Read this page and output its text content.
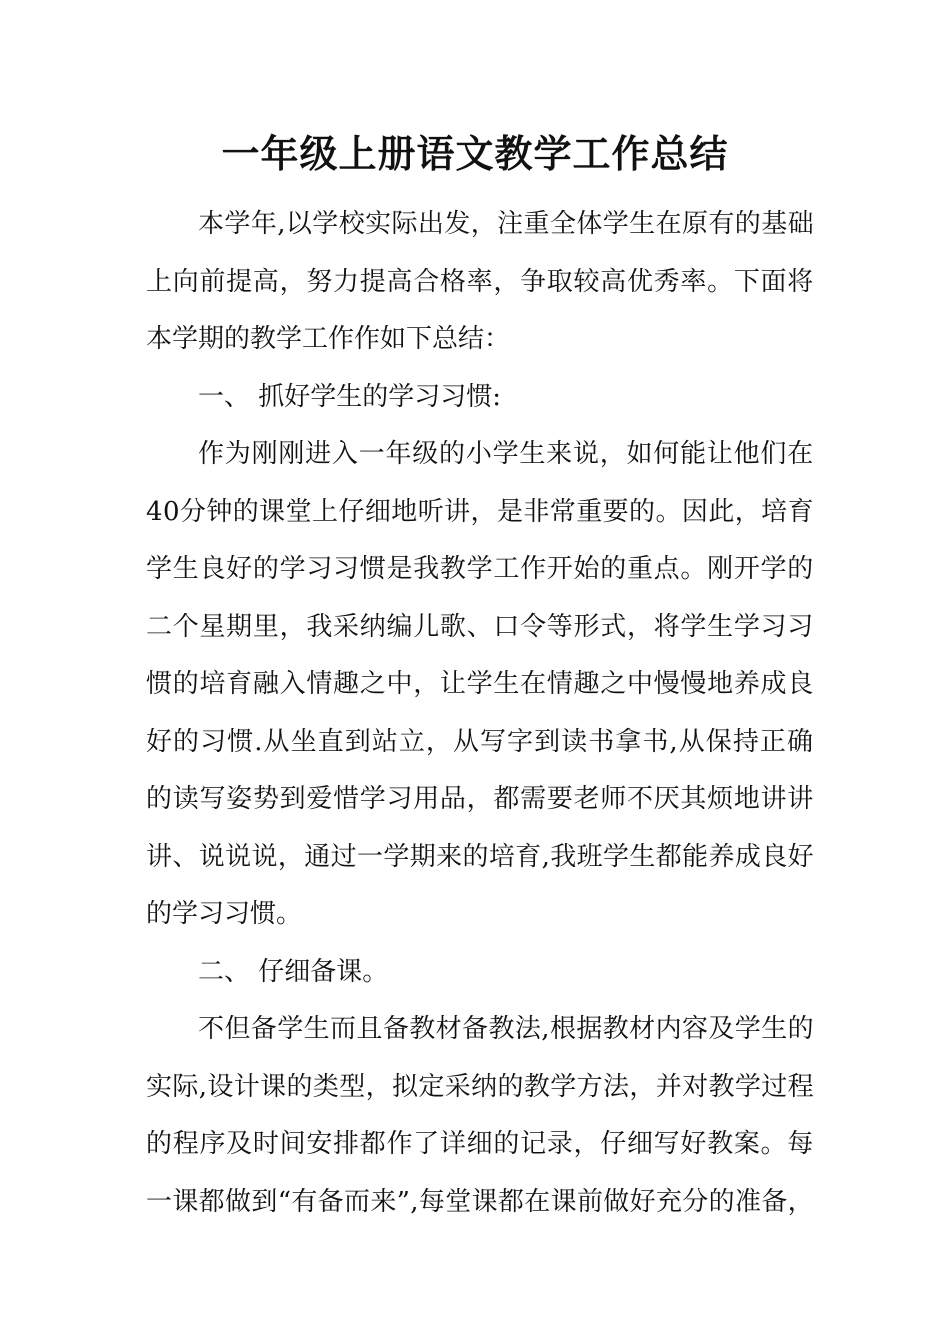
一年级上册语文教学工作总结
本学年,以学校实际出发，注重全体学生在原有的基础
上向前提高，努力提高合格率，争取较高优秀率。下面将
本学期的教学工作作如下总结：
一、 抓好学生的学习习惯:
作为刚刚进入一年级的小学生来说，如何能让他们在
40分钟的课堂上仔细地听讲，是非常重要的。因此，培育
学生良好的学习习惯是我教学工作开始的重点。刚开学的
二个星期里，我采纳编儿歌、口令等形式，将学生学习习
惯的培育融入情趣之中，让学生在情趣之中慢慢地养成良
好的习惯.从坐直到站立，从写字到读书拿书,从保持正确
的读写姿势到爱惜学习用品，都需要老师不厌其烦地讲讲
讲、说说说，通过一学期来的培育,我班学生都能养成良好
的学习习惯。
二、 仔细备课。
不但备学生而且备教材备教法,根据教材内容及学生的
实际,设计课的类型，拟定采纳的教学方法，并对教学过程
的程序及时间安排都作了详细的记录，仔细写好教案。每
一课都做到“有备而来”,每堂课都在课前做好充分的准备，
